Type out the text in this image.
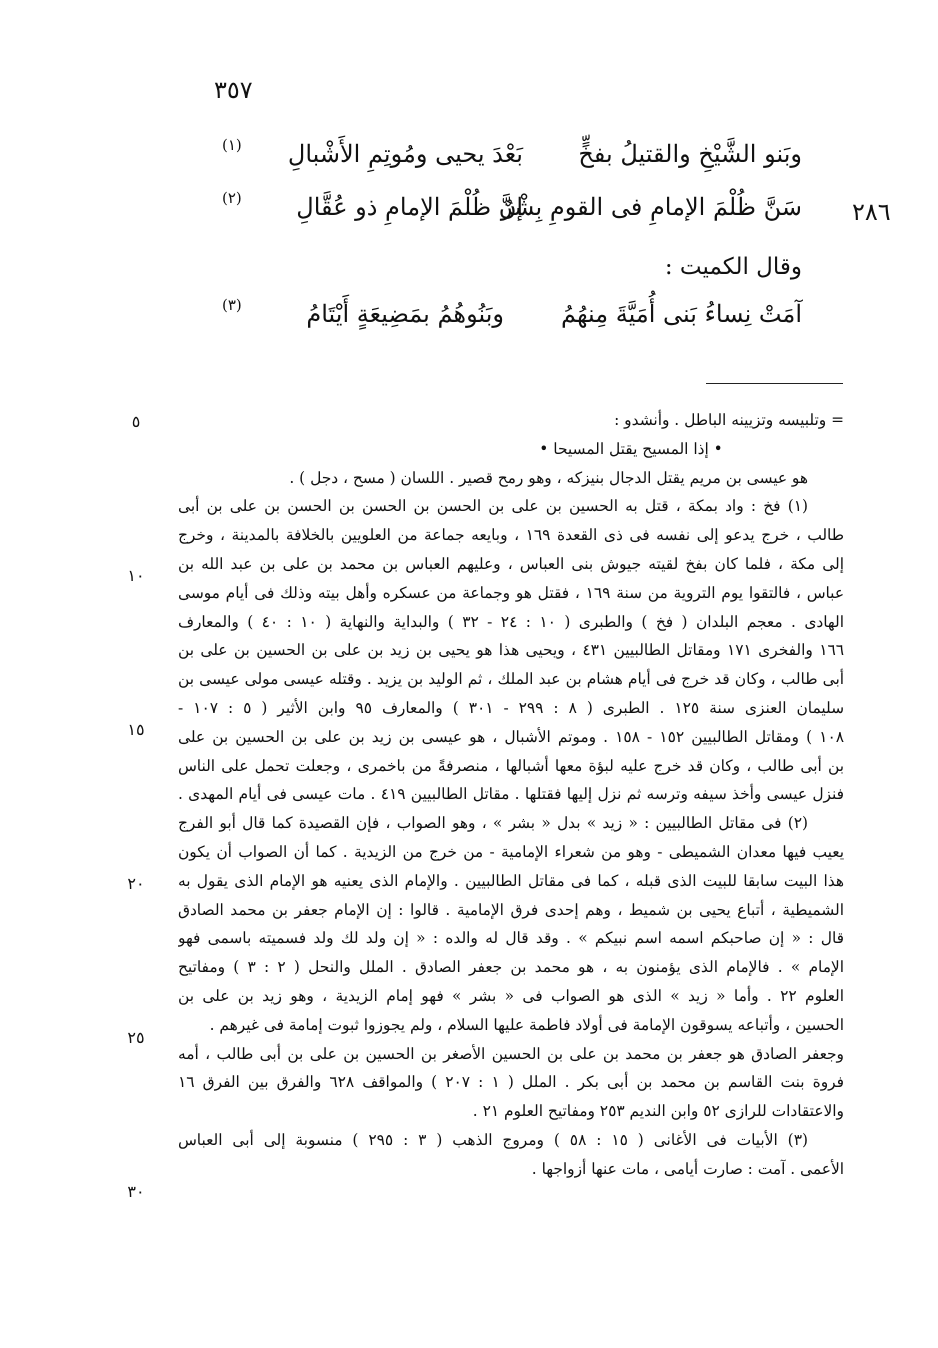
٣٥٧
وبَنو الشَّيْخِ والقتيلُ بفخٍّ
بَعْدَ يحيى ومُوتِمِ الأَشْبالِ
(١)
سَنَّ ظُلْمَ الإمامِ فى القومِ بِشْرٌ
إنَّ ظُلْمَ الإمامِ ذو عُقَّالِ
(٢)	٢٨٦
وقال الكميت :
آمَتْ نِساءُ بَنى أُمَيَّةَ مِنهُمُ
وبَنُوهُمُ بمَضِيعَةٍ أَيْتَامُ
(٣)
٥
١٠
١٥
٢٠
٢٥
٣٠
= وتلبيسه وتزيينه الباطل . وأنشدو :
• إذا المسيح يقتل المسيحا •
هو عيسى بن مريم يقتل الدجال بنيزكه ، وهو رمح قصير . اللسان ( مسح ، دجل ) .
(١) فخ : واد بمكة ، قتل به الحسين بن على بن الحسن بن الحسن بن الحسن بن على بن أبى
طالب ، خرج يدعو إلى نفسه فى ذى القعدة ١٦٩ ، وبايعه جماعة من العلويين بالخلافة بالمدينة ، وخرج
إلى مكة ، فلما كان بفخ لقيته جيوش بنى العباس ، وعليهم العباس بن محمد بن على بن عبد الله بن
عباس ، فالتقوا يوم التروية من سنة ١٦٩ ، فقتل هو وجماعة من عسكره وأهل بيته وذلك فى أيام موسى
الهادى . معجم البلدان ( فخ ) والطبرى ( ١٠ : ٢٤ - ٣٢ ) والبداية والنهاية ( ١٠ : ٤٠ ) والمعارف
١٦٦ والفخرى ١٧١ ومقاتل الطالبيين ٤٣١ ، ويحيى هذا هو يحيى بن زيد بن على بن الحسين بن على بن
أبى طالب ، وكان قد خرج فى أيام هشام بن عبد الملك ، ثم الوليد بن يزيد . وقتله عيسى مولى عيسى بن
سليمان العنزى سنة ١٢٥ . الطبرى ( ٨ : ٢٩٩ - ٣٠١ ) والمعارف ٩٥ وابن الأثير ( ٥ : ١٠٧ -
١٠٨ ) ومقاتل الطالبيين ١٥٢ - ١٥٨ . وموتم الأشبال ، هو عيسى بن زيد بن على بن الحسين بن على
بن أبى طالب ، وكان قد خرج عليه لبؤة معها أشبالها ، منصرفةً من باخمرى ، وجعلت تحمل على الناس
فنزل عيسى وأخذ سيفه وترسه ثم نزل إليها فقتلها . مقاتل الطالبيين ٤١٩ . مات عيسى فى أيام المهدى .
(٢) فى مقاتل الطالبيين : « زيد » بدل « بشر » ، وهو الصواب ، فإن القصيدة كما قال أبو الفرج
يعيب فيها معدان الشميطى - وهو من شعراء الإمامية - من خرج من الزيدية . كما أن الصواب أن يكون
هذا البيت سابقا للبيت الذى قبله ، كما فى مقاتل الطالبيين . والإمام الذى يعنيه هو الإمام الذى يقول به
الشميطية ، أتباع يحيى بن شميط ، وهم إحدى فرق الإمامية . قالوا : إن الإمام جعفر بن محمد الصادق
قال : « إن صاحبكم اسمه اسم نبيكم » . وقد قال له والده : « إن ولد لك ولد فسميته باسمى فهو
الإمام » . فالإمام الذى يؤمنون به ، هو محمد بن جعفر الصادق . الملل والنحل ( ٢ : ٣ ) ومفاتيح
العلوم ٢٢ . وأما « زيد » الذى هو الصواب فى « بشر » فهو إمام الزيدية ، وهو زيد بن على بن
الحسين ، وأتباعه يسوقون الإمامة فى أولاد فاطمة عليها السلام ، ولم يجوزوا ثبوت إمامة فى غيرهم .
وجعفر الصادق هو جعفر بن محمد بن على بن الحسين الأصغر بن الحسين بن على بن أبى طالب ، أمه
فروة بنت القاسم بن محمد بن أبى بكر . الملل ( ١ : ٢٠٧ ) والمواقف ٦٢٨ والفرق بين الفرق ١٦
والاعتقادات للرازى ٥٢ وابن النديم ٢٥٣ ومفاتيح العلوم ٢١ .
(٣) الأبيات فى الأغانى ( ١٥ : ٥٨ ) ومروج الذهب ( ٣ : ٢٩٥ ) منسوبة إلى أبى العباس
الأعمى . آمت : صارت أيامى ، مات عنها أزواجها .
